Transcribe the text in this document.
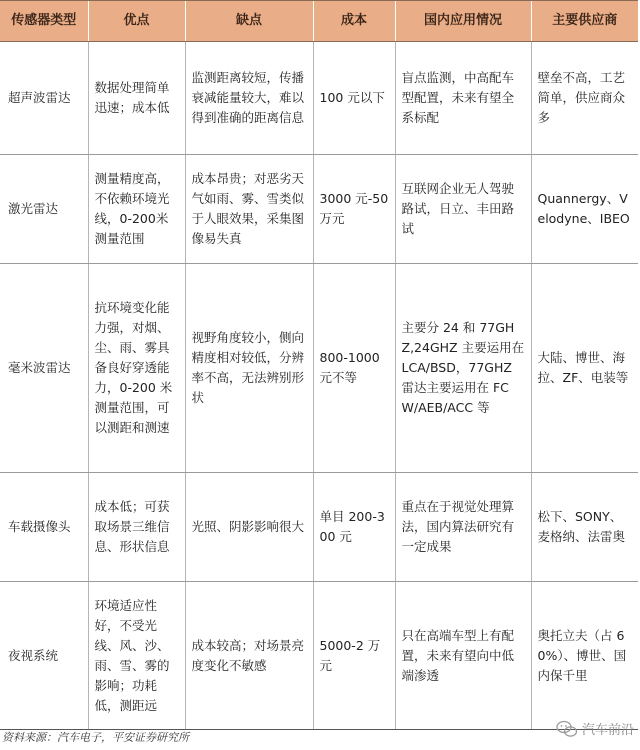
传感器类型	优点	缺点	成本	国内应用情况	主要供应商
超声波雷达	数据处理简单迅速；成本低	监测距离较短，传播衰减能量较大，难以得到准确的距离信息	100 元以下	盲点监测，中高配车型配置，未来有望全系标配	壁垒不高，工艺简单，供应商众多
激光雷达	测量精度高，不依赖环境光线，0-200米测量范围	成本昂贵；对恶劣天气如雨、雾、雪类似于人眼效果，采集图像易失真	3000 元-50 万元	互联网企业无人驾驶路试，日立、丰田路试	Quannergy、Velodyne、IBEO
毫米波雷达	抗环境变化能力强，对烟、尘、雨、雾具备良好穿透能力，0-200 米测量范围，可以测距和测速	视野角度较小，侧向精度相对较低，分辨率不高，无法辨别形状	800-1000 元不等	主要分 24 和 77GHZ,24GHZ 主要运用在 LCA/BSD，77GHZ 雷达主要运用在 FCW/AEB/ACC 等	大陆、博世、海拉、ZF、电装等
车载摄像头	成本低；可获取场景三维信息、形状信息	光照、阴影影响很大	单目 200-300 元	重点在于视觉处理算法，国内算法研究有一定成果	松下、SONY、麦格纳、法雷奥
夜视系统	环境适应性好，不受光线、风、沙、雨、雪、雾的影响；功耗低，测距远	成本较高；对场景亮度变化不敏感	5000-2 万元	只在高端车型上有配置，未来有望向中低端渗透	奥托立夫（占 60%）、博世、国内保千里
资料来源：汽车电子，平安证券研究所	汽车前沿
